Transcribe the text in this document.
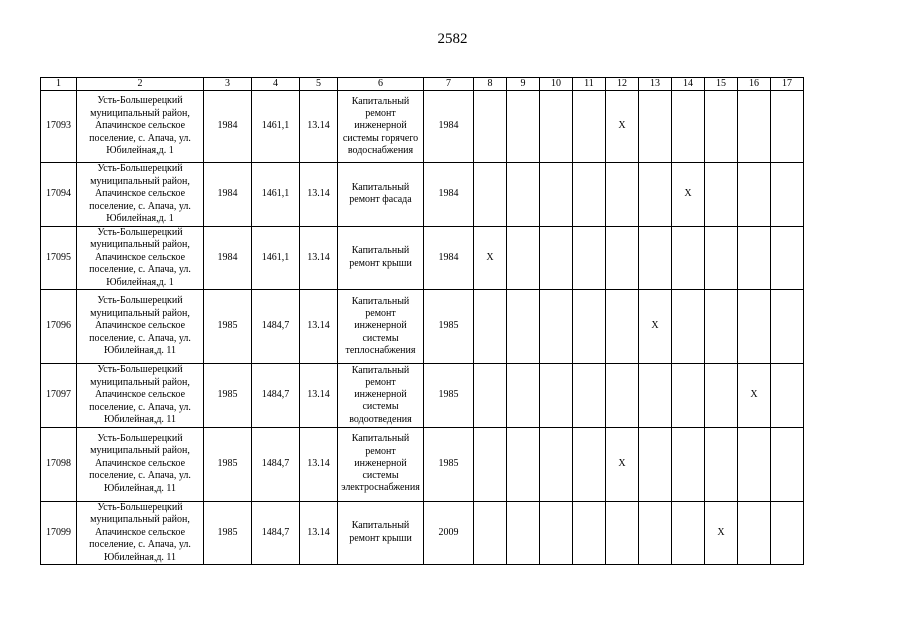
2582
1	2	3	4	5	6	7	8	9	10	11	12	13	14	15	16	17
17093	Усть-Большерецкий муниципальный район, Апачинское сельское поселение, с. Апача, ул. Юбилейная,д. 1	1984	1461,1	13.14	Капитальный ремонт инженерной системы горячего водоснабжения	1984					X					
17094	Усть-Большерецкий муниципальный район, Апачинское сельское поселение, с. Апача, ул. Юбилейная,д. 1	1984	1461,1	13.14	Капитальный ремонт фасада	1984							X			
17095	Усть-Большерецкий муниципальный район, Апачинское сельское поселение, с. Апача, ул. Юбилейная,д. 1	1984	1461,1	13.14	Капитальный ремонт крыши	1984	X									
17096	Усть-Большерецкий муниципальный район, Апачинское сельское поселение, с. Апача, ул. Юбилейная,д. 11	1985	1484,7	13.14	Капитальный ремонт инженерной системы теплоснабжения	1985						X				
17097	Усть-Большерецкий муниципальный район, Апачинское сельское поселение, с. Апача, ул. Юбилейная,д. 11	1985	1484,7	13.14	Капитальный ремонт инженерной системы водоотведения	1985									X	
17098	Усть-Большерецкий муниципальный район, Апачинское сельское поселение, с. Апача, ул. Юбилейная,д. 11	1985	1484,7	13.14	Капитальный ремонт инженерной системы электроснабжения	1985					X					
17099	Усть-Большерецкий муниципальный район, Апачинское сельское поселение, с. Апача, ул. Юбилейная,д. 11	1985	1484,7	13.14	Капитальный ремонт крыши	2009								X		
